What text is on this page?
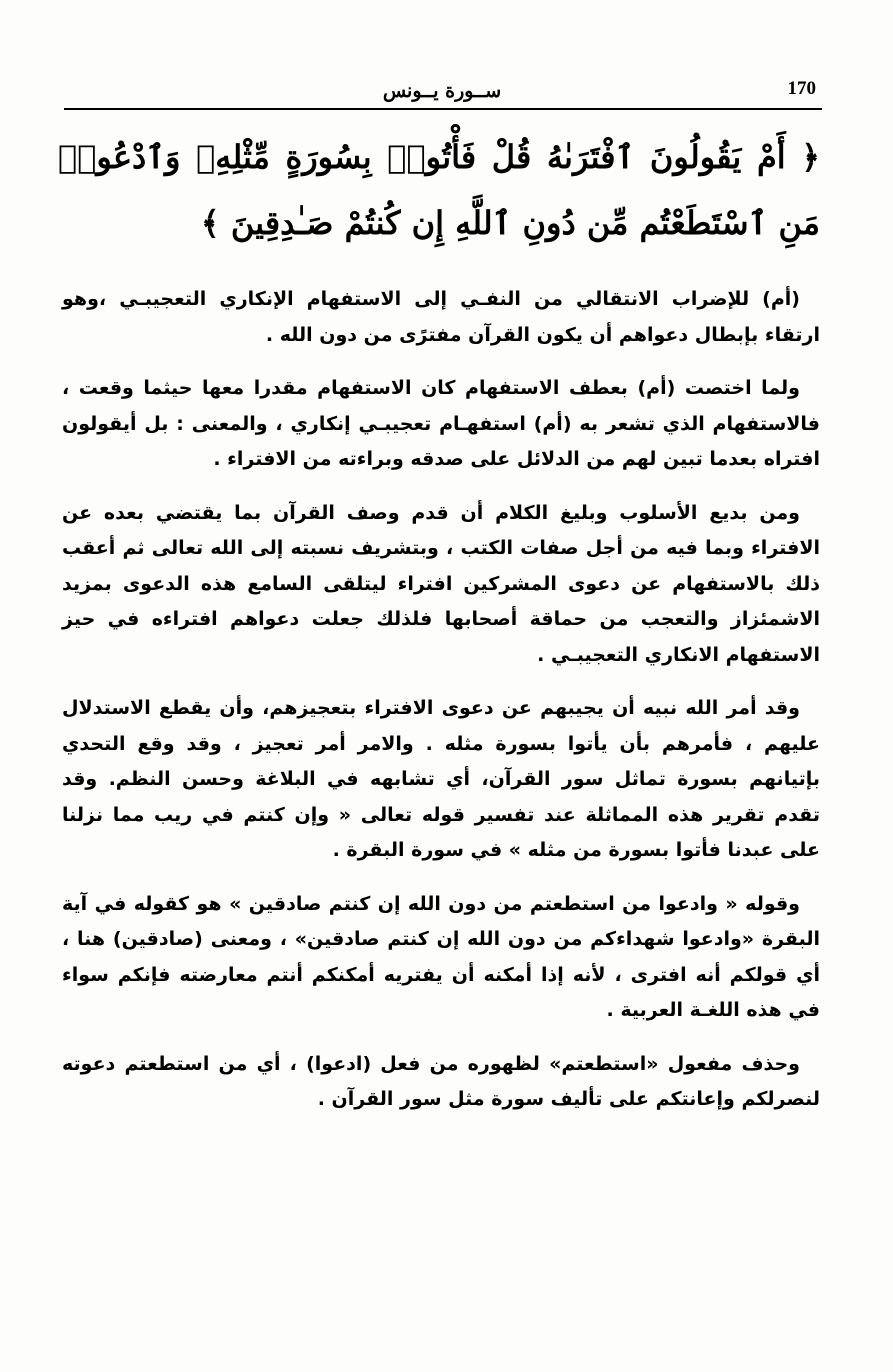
170
ســورة يــونس
﴿ أَمْ يَقُولُونَ ٱفْتَرَىٰهُ قُلْ فَأْتُوا۟ بِسُورَةٍ مِّثْلِهِۦ وَٱدْعُوا۟ مَنِ ٱسْتَطَعْتُم مِّن دُونِ ٱللَّهِ إِن كُنتُمْ صَـٰدِقِينَ ﴾

(أم) للإضراب الانتقالي من النفـي إلى الاستفهام الإنكاري التعجيبـي ،وهو ارتقاء بإبطال دعواهم أن يكون القرآن مفترًى من دون الله .

ولما اختصت (أم) بعطف الاستفهام كان الاستفهام مقدرا معها حيثما وقعت ، فالاستفهام الذي تشعر به (أم) استفهـام تعجيبـي إنكاري ، والمعنى : بل أيقولون افتراه بعدما تبين لهم من الدلائل على صدقه وبراءته من الافتراء .

ومن بديع الأسلوب وبليغ الكلام أن قدم وصف القرآن بما يقتضي بعده عن الافتراء وبما فيه من أجل صفات الكتب ، وبتشريف نسبته إلى الله تعالى ثم أعقب ذلك بالاستفهام عن دعوى المشركين افتراء ليتلقى السامع هذه الدعوى بمزيد الاشمئزاز والتعجب من حماقة أصحابها فلذلك جعلت دعواهم افتراءه في حيز الاستفهام الانكاري التعجيبـي .

وقد أمر الله نبيه أن يجيبهم عن دعوى الافتراء بتعجيزهم، وأن يقطع الاستدلال عليهم ، فأمرهم بأن يأتوا بسورة مثله . والامر أمر تعجيز ، وقد وقع التحدي بإتيانهم بسورة تماثل سور القرآن، أي تشابهه في البلاغة وحسن النظم. وقد تقدم تقرير هذه المماثلة عند تفسير قوله تعالى « وإن كنتم في ريب مما نزلنا على عبدنا فأتوا بسورة من مثله » في سورة البقرة .

وقوله « وادعوا من استطعتم من دون الله إن كنتم صادقين » هو كقوله في آية البقرة «وادعوا شهداءكم من دون الله إن كنتم صادقين» ، ومعنى (صادقين) هنا ، أي قولكم أنه افترى ، لأنه إذا أمكنه أن يفتريه أمكنكم أنتم معارضته فإنكم سواء في هذه اللغـة العربية .

وحذف مفعول «استطعتم» لظهوره من فعل (ادعوا) ، أي من استطعتم دعوته لنصرلكم وإعانتكم على تأليف سورة مثل سور القرآن .
